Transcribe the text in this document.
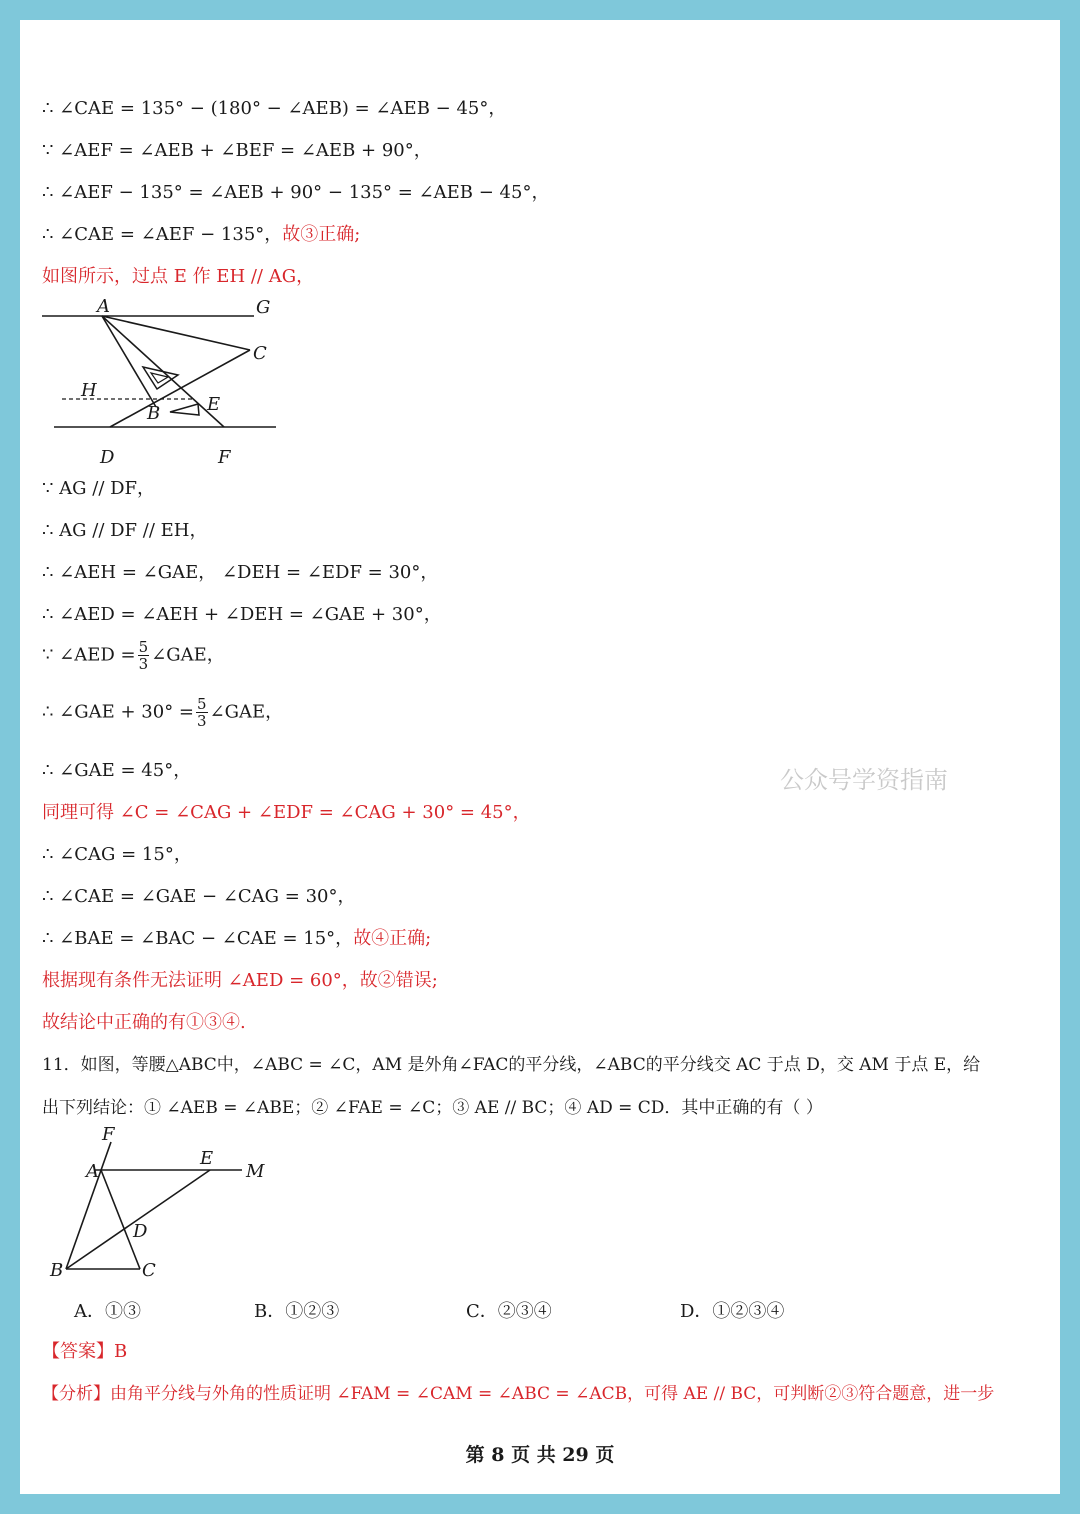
∴ ∠CAE = 135° − (180° − ∠AEB) = ∠AEB − 45°，
∵ ∠AEF = ∠AEB + ∠BEF = ∠AEB + 90°，
∴ ∠AEF − 135° = ∠AEB + 90° − 135° = ∠AEB − 45°，
∴ ∠CAE = ∠AEF − 135°，故③正确;
如图所示，过点 E 作 EH // AG，
A	G
C
H
E
B
D	F
∵ AG // DF，
∴ AG // DF // EH，
∴ ∠AEH = ∠GAE， ∠DEH = ∠EDF = 30°，
∴ ∠AED = ∠AEH + ∠DEH = ∠GAE + 30°，
∵ ∠AED = $\frac{5}{3}$ ∠GAE，
∴ ∠GAE + $30^\circ = \frac{5}{3}$ ∠GAE，
∴ ∠GAE = 45°，
同理可得 ∠C = ∠CAG + ∠EDF = ∠CAG + 30° = 45°，
∴ ∠CAG = 15°，
∴ ∠CAE = ∠GAE − ∠CAG = 30°，
∴ ∠BAE = ∠BAC − ∠CAE = 15°，故④正确;
根据现有条件无法证明 ∠AED = 60°，故②错误;
故结论中正确的有①③④.
11．如图，等腰△ABC中，∠ABC = ∠C，AM 是外角∠FAC的平分线，∠ABC的平分线交 AC 于点 D，交 AM 于点 E，给
出下列结论：① ∠AEB = ∠ABE；② ∠FAE = ∠C；③ AE // BC；④ AD = CD．其中正确的有（ ）
F
A
E
M
D
B	C
A．①③	B．①②③	C．②③④	D．①②③④
【答案】B
【分析】由角平分线与外角的性质证明 ∠FAM = ∠CAM = ∠ABC = ∠ACB，可得 AE // BC，可判断②③符合题意，进一步
公众号学资指南
第 8 页 共 29 页
